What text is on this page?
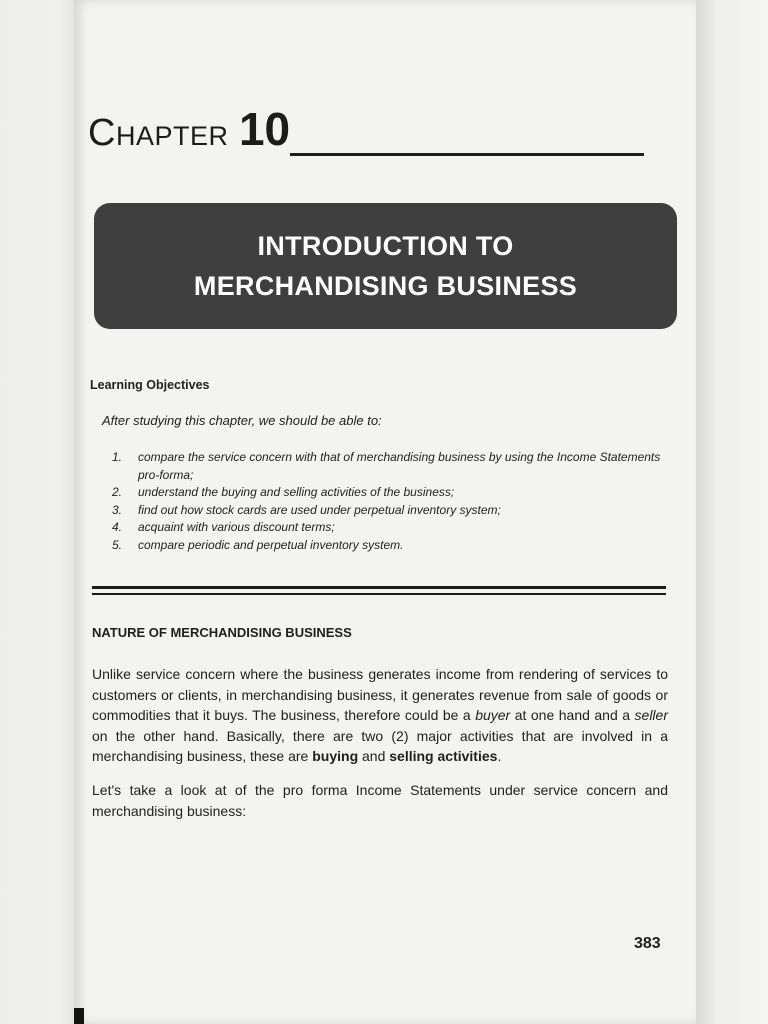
CHAPTER 10
INTRODUCTION TO
MERCHANDISING BUSINESS
Learning Objectives
After studying this chapter, we should be able to:
1.	compare the service concern with that of merchandising business by using the Income Statements pro-forma;
2.	understand the buying and selling activities of the business;
3.	find out how stock cards are used under perpetual inventory system;
4.	acquaint with various discount terms;
5.	compare periodic and perpetual inventory system.
NATURE OF MERCHANDISING BUSINESS

Unlike service concern where the business generates income from rendering of services to customers or clients, in merchandising business, it generates revenue from sale of goods or commodities that it buys. The business, therefore could be a buyer at one hand and a seller on the other hand. Basically, there are two (2) major activities that are involved in a merchandising business, these are buying and selling activities.

Let's take a look at of the pro forma Income Statements under service concern and merchandising business:

383
